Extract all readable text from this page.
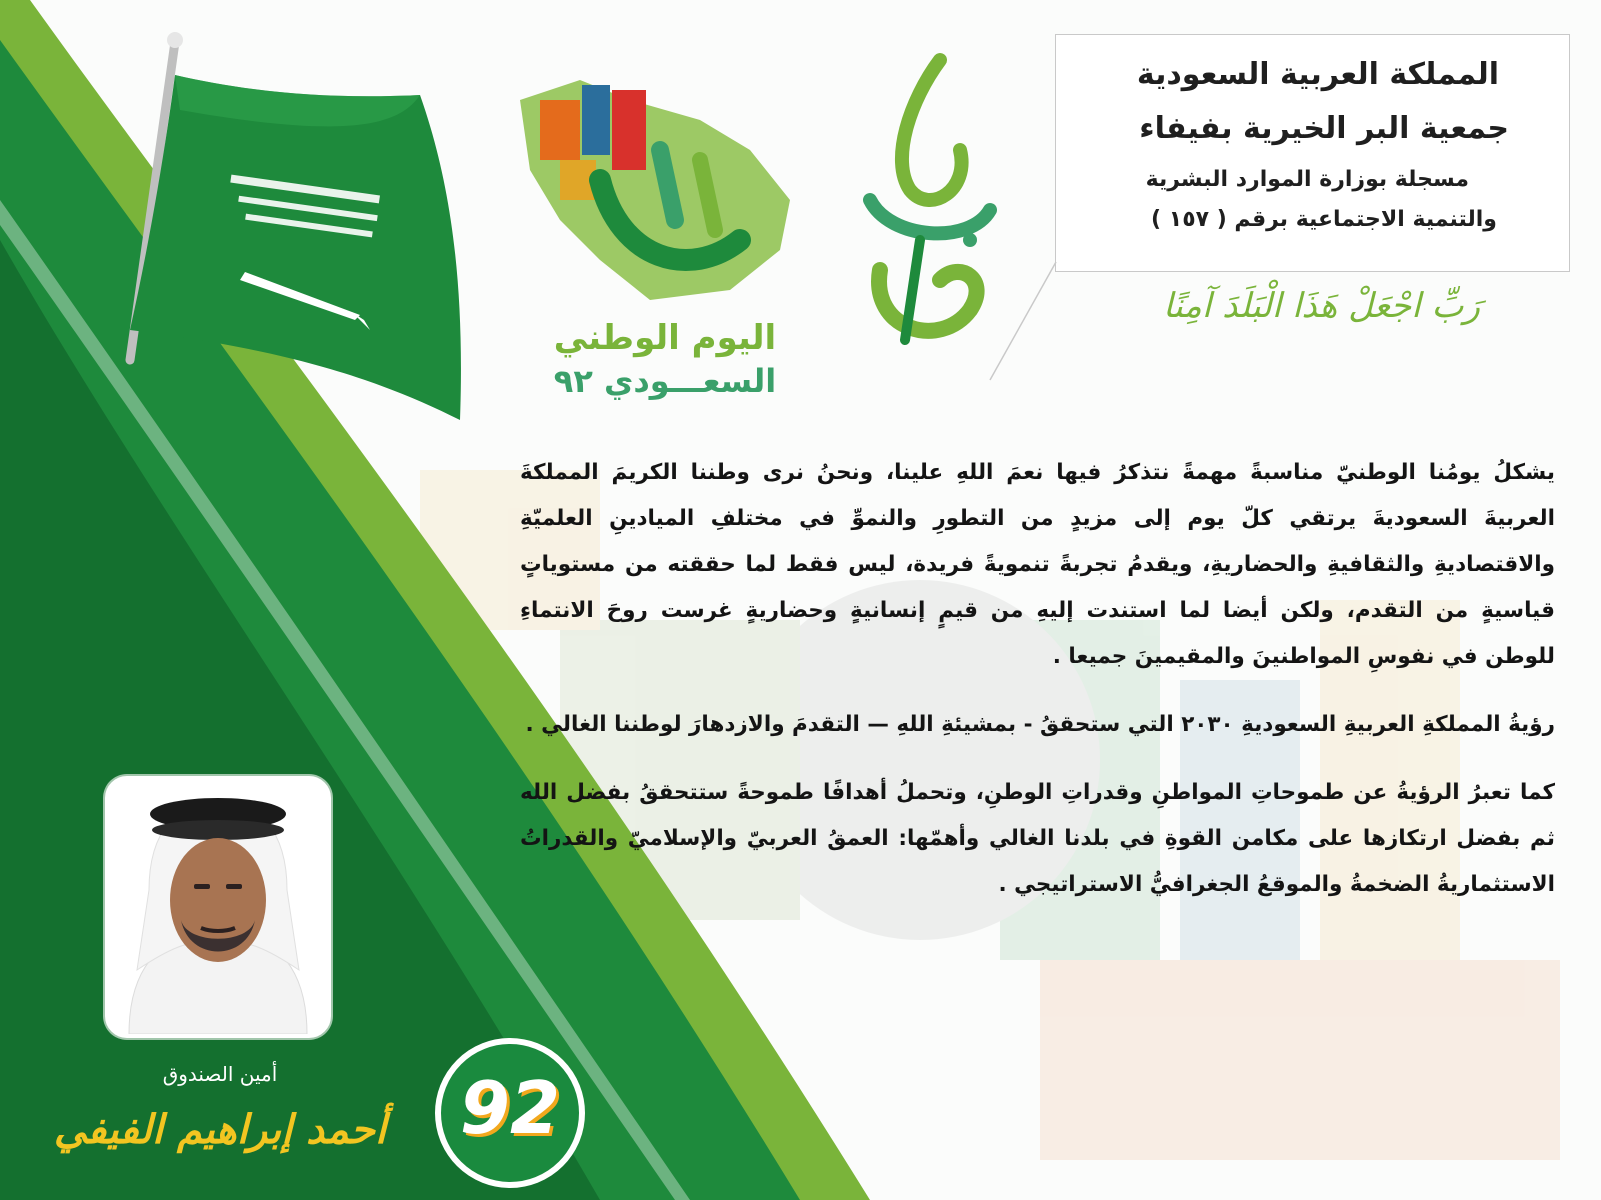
اليوم الوطني
السعـــودي ٩٢
المملكة العربية السعودية
جمعية البر الخيرية بفيفاء
مسجلة بوزارة الموارد البشرية
والتنمية الاجتماعية برقم ( ١٥٧ )
رَبِّ اجْعَلْ هَذَا الْبَلَدَ آمِنًا

يشكلُ يومُنا الوطنيّ مناسبةً مهمةً نتذكرُ فيها نعمَ اللهِ علينا، ونحنُ نرى وطننا الكريمَ المملكةَ العربيةَ السعوديةَ يرتقي كلّ يوم إلى مزيدٍ من التطورِ والنموِّ في مختلفِ الميادينِ العلميّةِ والاقتصاديةِ والثقافيةِ والحضاريةِ، ويقدمُ تجربةً تنمويةً فريدة، ليس فقط لما حققته من مستوياتٍ قياسيةٍ من التقدم، ولكن أيضا لما استندت إليهِ من قيمٍ إنسانيةٍ وحضاريةٍ غرست روحَ الانتماءِ للوطن في نفوسِ المواطنينَ والمقيمينَ جميعا .

رؤيةُ المملكةِ العربيةِ السعوديةِ ٢٠٣٠ التي ستحققُ - بمشيئةِ اللهِ — التقدمَ والازدهارَ لوطننا الغالي .

كما تعبرُ الرؤيةُ عن طموحاتِ المواطنِ وقدراتِ الوطنِ، وتحملُ أهدافًا طموحةً ستتحققُ بفضل الله ثم بفضل ارتكازها على مكامن القوةِ في بلدنا الغالي وأهمّها: العمقُ العربيّ والإسلاميّ والقدراتُ الاستثماريةُ الضخمةُ والموقعُ الجغرافيُّ الاستراتيجي .

أمين الصندوق
أحمد إبراهيم الفيفي 92
